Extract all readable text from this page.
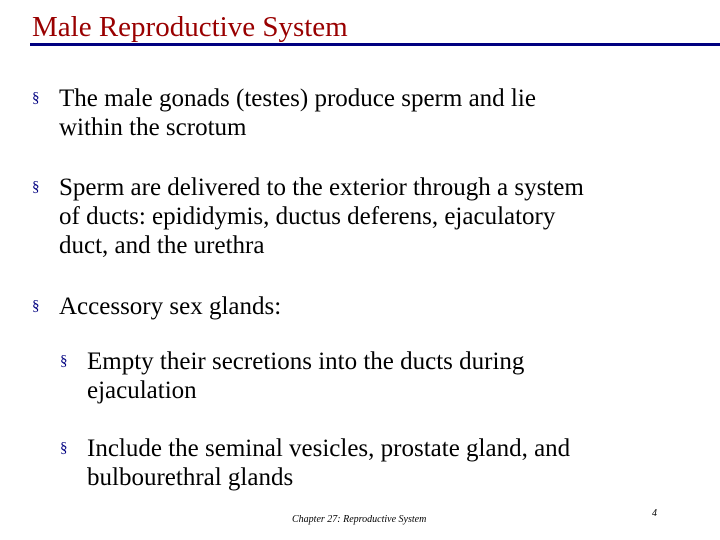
Male Reproductive System
§ The male gonads (testes) produce sperm and lie
within the scrotum
§ Sperm are delivered to the exterior through a system
of ducts: epididymis, ductus deferens, ejaculatory
duct, and the urethra
§ Accessory sex glands:
§ Empty their secretions into the ducts during
ejaculation
§ Include the seminal vesicles, prostate gland, and
bulbourethral glands
Chapter 27: Reproductive System
4
